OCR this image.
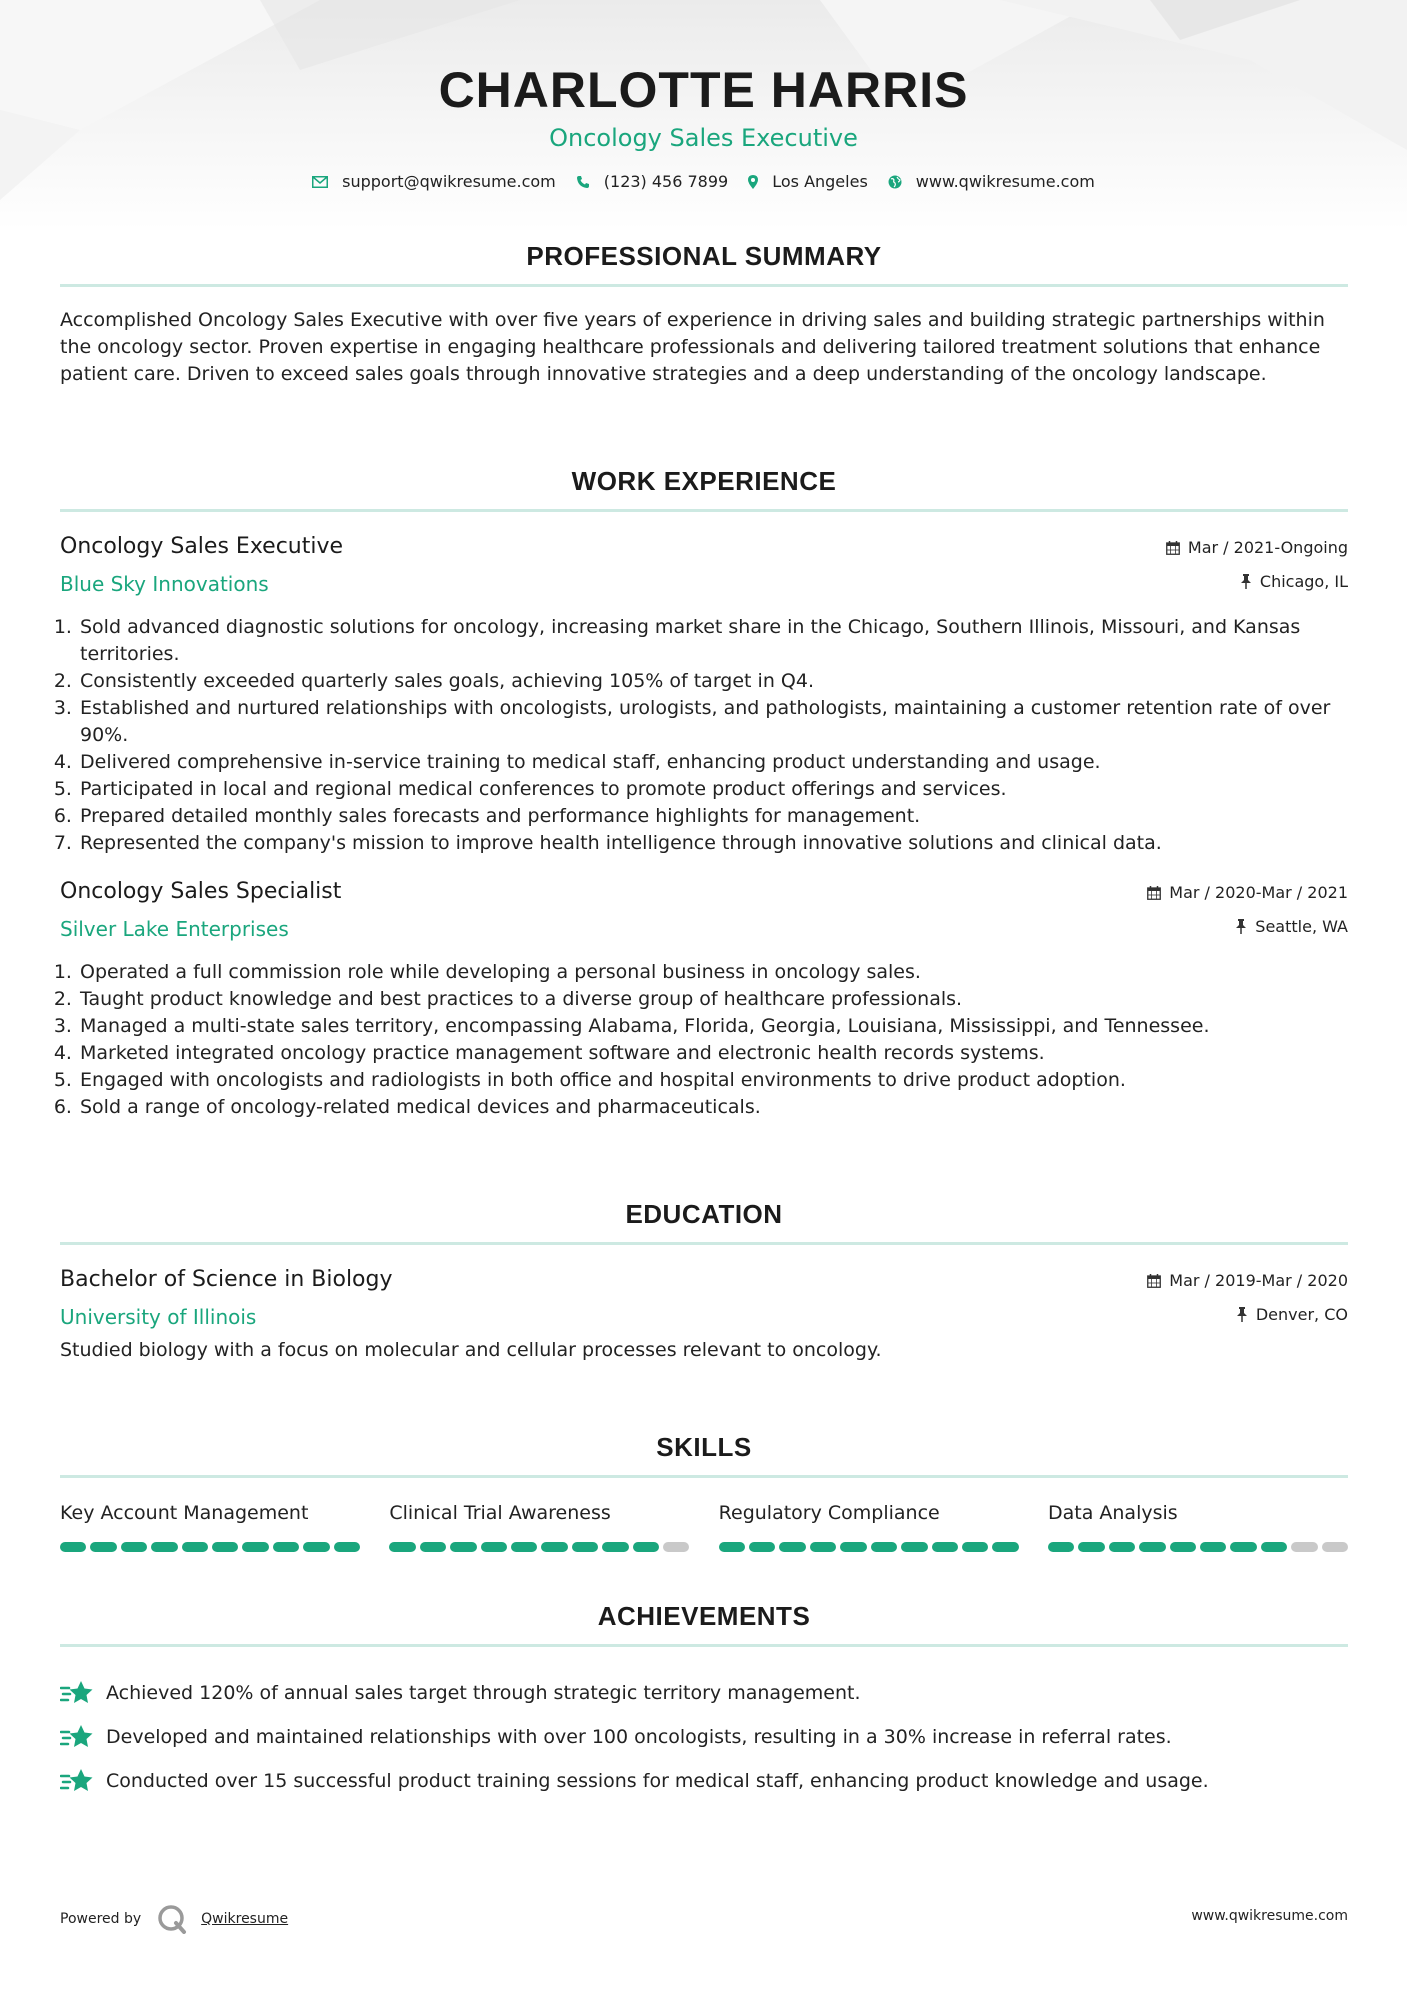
CHARLOTTE HARRIS
Oncology Sales Executive
support@qwikresume.com	(123) 456 7899	Los Angeles	www.qwikresume.com
PROFESSIONAL SUMMARY
Accomplished Oncology Sales Executive with over five years of experience in driving sales and building strategic partnerships within the oncology sector. Proven expertise in engaging healthcare professionals and delivering tailored treatment solutions that enhance patient care. Driven to exceed sales goals through innovative strategies and a deep understanding of the oncology landscape.
WORK EXPERIENCE
Oncology Sales Executive
Blue Sky Innovations
Mar / 2021-Ongoing
Chicago, IL
1. Sold advanced diagnostic solutions for oncology, increasing market share in the Chicago, Southern Illinois, Missouri, and Kansas territories.
2. Consistently exceeded quarterly sales goals, achieving 105% of target in Q4.
3. Established and nurtured relationships with oncologists, urologists, and pathologists, maintaining a customer retention rate of over 90%.
4. Delivered comprehensive in-service training to medical staff, enhancing product understanding and usage.
5. Participated in local and regional medical conferences to promote product offerings and services.
6. Prepared detailed monthly sales forecasts and performance highlights for management.
7. Represented the company's mission to improve health intelligence through innovative solutions and clinical data.
Oncology Sales Specialist
Silver Lake Enterprises
Mar / 2020-Mar / 2021
Seattle, WA
1. Operated a full commission role while developing a personal business in oncology sales.
2. Taught product knowledge and best practices to a diverse group of healthcare professionals.
3. Managed a multi-state sales territory, encompassing Alabama, Florida, Georgia, Louisiana, Mississippi, and Tennessee.
4. Marketed integrated oncology practice management software and electronic health records systems.
5. Engaged with oncologists and radiologists in both office and hospital environments to drive product adoption.
6. Sold a range of oncology-related medical devices and pharmaceuticals.
EDUCATION
Bachelor of Science in Biology
University of Illinois
Mar / 2019-Mar / 2020
Denver, CO
Studied biology with a focus on molecular and cellular processes relevant to oncology.
SKILLS
Key Account Management	Clinical Trial Awareness	Regulatory Compliance	Data Analysis
ACHIEVEMENTS
Achieved 120% of annual sales target through strategic territory management.
Developed and maintained relationships with over 100 oncologists, resulting in a 30% increase in referral rates.
Conducted over 15 successful product training sessions for medical staff, enhancing product knowledge and usage.
Powered by	Qwikresume	www.qwikresume.com
